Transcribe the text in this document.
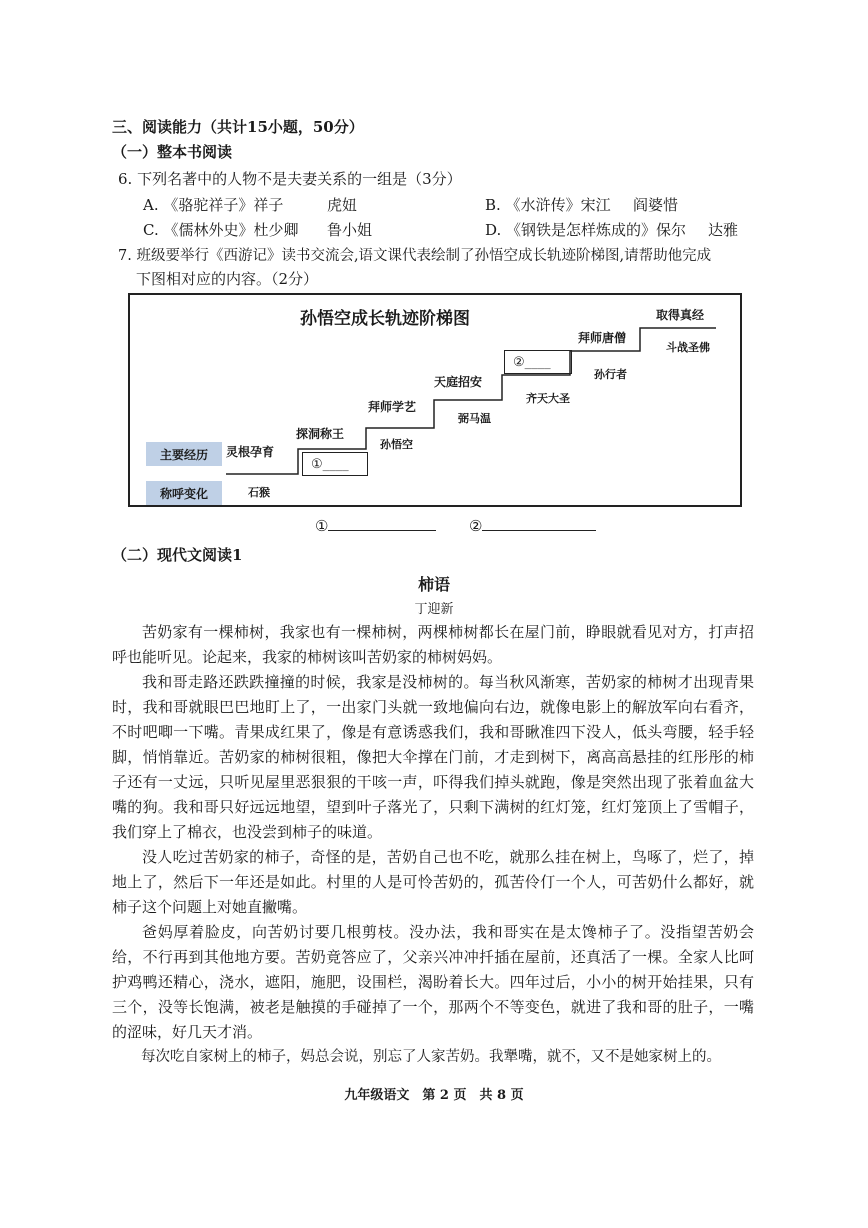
三、阅读能力（共计15小题，50分）
（一）整本书阅读
6. 下列名著中的人物不是夫妻关系的一组是（3分）
A. 《骆驼祥子》祥子	虎妞	B. 《水浒传》宋江 阎婆惜
C. 《儒林外史》杜少卿 鲁小姐	D. 《钢铁是怎样炼成的》保尔 达雅
7. 班级要举行《西游记》读书交流会,语文课代表绘制了孙悟空成长轨迹阶梯图,请帮助他完成
下图相对应的内容。（2分）
孙悟空成长轨迹阶梯图
主要经历
称呼变化
灵根孕育
探洞称王
拜师学艺
天庭招安
拜师唐僧
取得真经
石猴
孙悟空
弼马温
齐天大圣
孙行者
斗战圣佛
①____
②____
①	②
（二）现代文阅读1
柿语
丁迎新

苦奶家有一棵柿树，我家也有一棵柿树，两棵柿树都长在屋门前，睁眼就看见对方，打声招呼也能听见。论起来，我家的柿树该叫苦奶家的柿树妈妈。

我和哥走路还跌跌撞撞的时候，我家是没柿树的。每当秋风渐寒，苦奶家的柿树才出现青果时，我和哥就眼巴巴地盯上了，一出家门头就一致地偏向右边，就像电影上的解放军向右看齐，不时吧唧一下嘴。青果成红果了，像是有意诱惑我们，我和哥瞅准四下没人，低头弯腰，轻手轻脚，悄悄靠近。苦奶家的柿树很粗，像把大伞撑在门前，才走到树下，离高高悬挂的红彤彤的柿子还有一丈远，只听见屋里恶狠狠的干咳一声，吓得我们掉头就跑，像是突然出现了张着血盆大嘴的狗。我和哥只好远远地望，望到叶子落光了，只剩下满树的红灯笼，红灯笼顶上了雪帽子，我们穿上了棉衣，也没尝到柿子的味道。

没人吃过苦奶家的柿子，奇怪的是，苦奶自己也不吃，就那么挂在树上，鸟啄了，烂了，掉地上了，然后下一年还是如此。村里的人是可怜苦奶的，孤苦伶仃一个人，可苦奶什么都好，就柿子这个问题上对她直撇嘴。

爸妈厚着脸皮，向苦奶讨要几根剪枝。没办法，我和哥实在是太馋柿子了。没指望苦奶会给，不行再到其他地方要。苦奶竟答应了，父亲兴冲冲扦插在屋前，还真活了一棵。全家人比呵护鸡鸭还精心，浇水，遮阳，施肥，设围栏，渴盼着长大。四年过后，小小的树开始挂果，只有三个，没等长饱满，被老是触摸的手碰掉了一个，那两个不等变色，就进了我和哥的肚子，一嘴的涩味，好几天才消。

每次吃自家树上的柿子，妈总会说，别忘了人家苦奶。我犟嘴，就不，又不是她家树上的。

九年级语文　第 2 页　共 8 页
